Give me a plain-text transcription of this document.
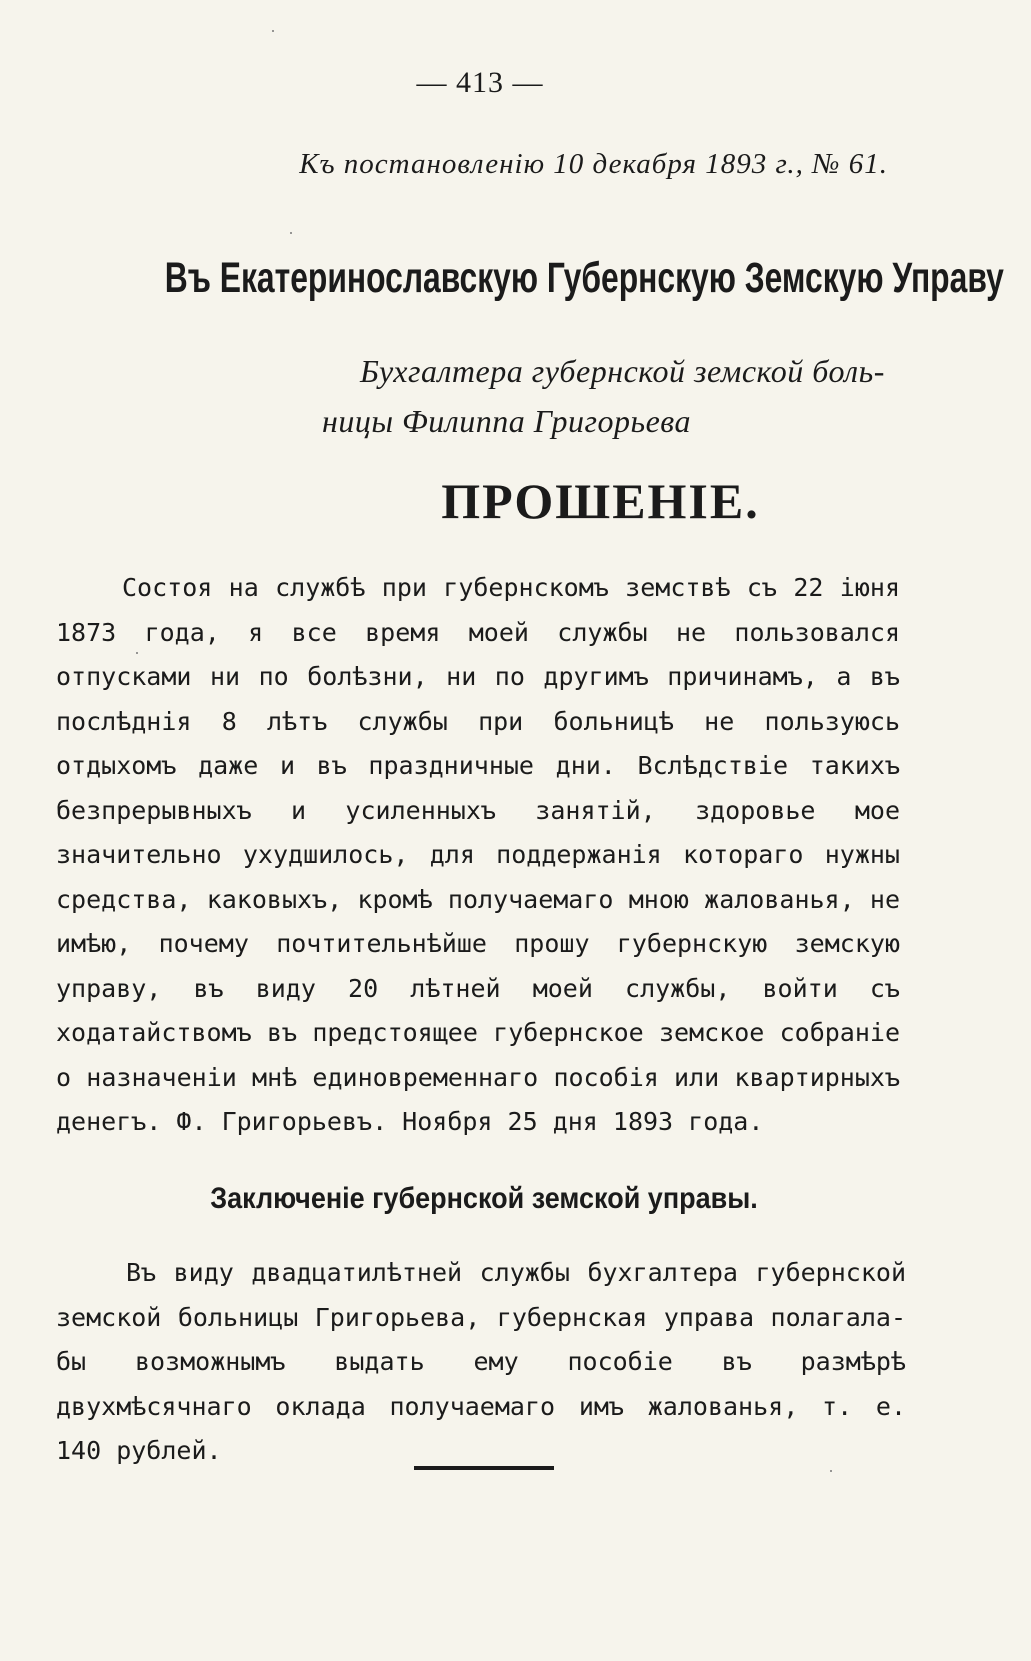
— 413 —
Къ постановленію 10 декабря 1893 г., № 61.
Въ Екатеринославскую Губернскую Земскую Управу
Бухгалтера губернской земской боль-
ницы Филиппа Григорьева
ПРОШЕНІЕ.
Состоя на службѣ при губернскомъ земствѣ съ 22 іюня 1873 года, я все время моей службы не пользовался отпусками ни по болѣзни, ни по другимъ причинамъ, а въ послѣднія 8 лѣтъ службы при больницѣ не пользуюсь отдыхомъ даже и въ праздничные дни. Вслѣдствіе такихъ безпрерывныхъ и усиленныхъ занятій, здоровье мое значительно ухудшилось, для поддержанія котораго нужны средства, каковыхъ, кромѣ получаемаго мною жалованья, не имѣю, почему почтительнѣйше прошу губернскую земскую управу, въ виду 20 лѣтней моей службы, войти съ ходатайствомъ въ предстоящее губернское земское собраніе о назначеніи мнѣ единовременнаго пособія или квартирныхъ денегъ. Ф. Григорьевъ. Ноября 25 дня 1893 года.
Заключеніе губернской земской управы.
Въ виду двадцатилѣтней службы бухгалтера губернской земской больницы Григорьева, губернская управа полагала-бы возможнымъ выдать ему пособіе въ размѣрѣ двухмѣсячнаго оклада получаемаго имъ жалованья, т. е. 140 рублей.
